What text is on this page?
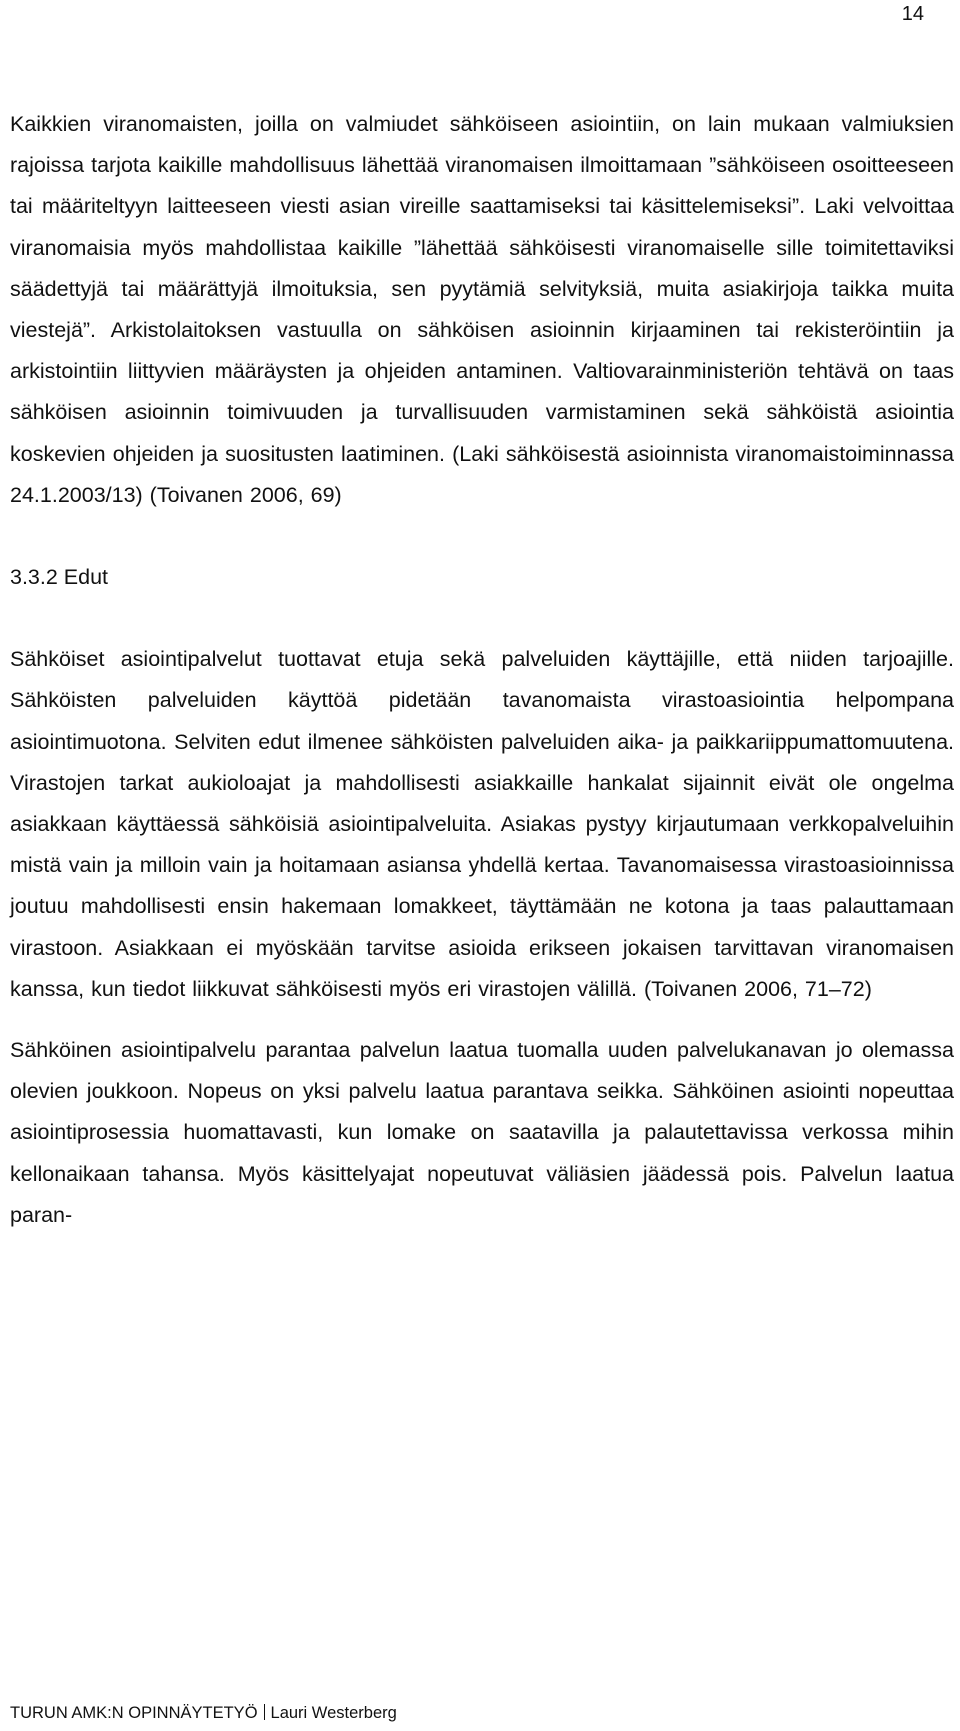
14

Kaikkien viranomaisten, joilla on valmiudet sähköiseen asiointiin, on lain mukaan valmiuksien rajoissa tarjota kaikille mahdollisuus lähettää viranomaisen ilmoittamaan ”sähköiseen osoitteeseen tai määriteltyyn laitteeseen viesti asian vireille saattamiseksi tai käsittelemiseksi”. Laki velvoittaa viranomaisia myös mahdollistaa kaikille ”lähettää sähköisesti viranomaiselle sille toimitettaviksi säädettyjä tai määrättyjä ilmoituksia, sen pyytämiä selvityksiä, muita asiakirjoja taikka muita viestejä”. Arkistolaitoksen vastuulla on sähköisen asioinnin kirjaaminen tai rekisteröintiin ja arkistointiin liittyvien määräysten ja ohjeiden antaminen. Valtiovarainministeriön tehtävä on taas sähköisen asioinnin toimivuuden ja turvallisuuden varmistaminen sekä sähköistä asiointia koskevien ohjeiden ja suositusten laatiminen. (Laki sähköisestä asioinnista viranomaistoiminnassa 24.1.2003/13) (Toivanen 2006, 69)

3.3.2 Edut

Sähköiset asiointipalvelut tuottavat etuja sekä palveluiden käyttäjille, että niiden tarjoajille. Sähköisten palveluiden käyttöä pidetään tavanomaista virastoasiointia helpompana asiointimuotona. Selviten edut ilmenee sähköisten palveluiden aika- ja paikkariippumattomuutena. Virastojen tarkat aukioloajat ja mahdollisesti asiakkaille hankalat sijainnit eivät ole ongelma asiakkaan käyttäessä sähköisiä asiointipalveluita. Asiakas pystyy kirjautumaan verkkopalveluihin mistä vain ja milloin vain ja hoitamaan asiansa yhdellä kertaa. Tavanomaisessa virastoasioinnissa joutuu mahdollisesti ensin hakemaan lomakkeet, täyttämään ne kotona ja taas palauttamaan virastoon. Asiakkaan ei myöskään tarvitse asioida erikseen jokaisen tarvittavan viranomaisen kanssa, kun tiedot liikkuvat sähköisesti myös eri virastojen välillä. (Toivanen 2006, 71–72)

Sähköinen asiointipalvelu parantaa palvelun laatua tuomalla uuden palvelukanavan jo olemassa olevien joukkoon. Nopeus on yksi palvelu laatua parantava seikka. Sähköinen asiointi nopeuttaa asiointiprosessia huomattavasti, kun lomake on saatavilla ja palautettavissa verkossa mihin kellonaikaan tahansa. Myös käsittelyajat nopeutuvat väliäsien jäädessä pois. Palvelun laatua paran-

TURUN AMK:N OPINNÄYTETYÖ Lauri Westerberg
